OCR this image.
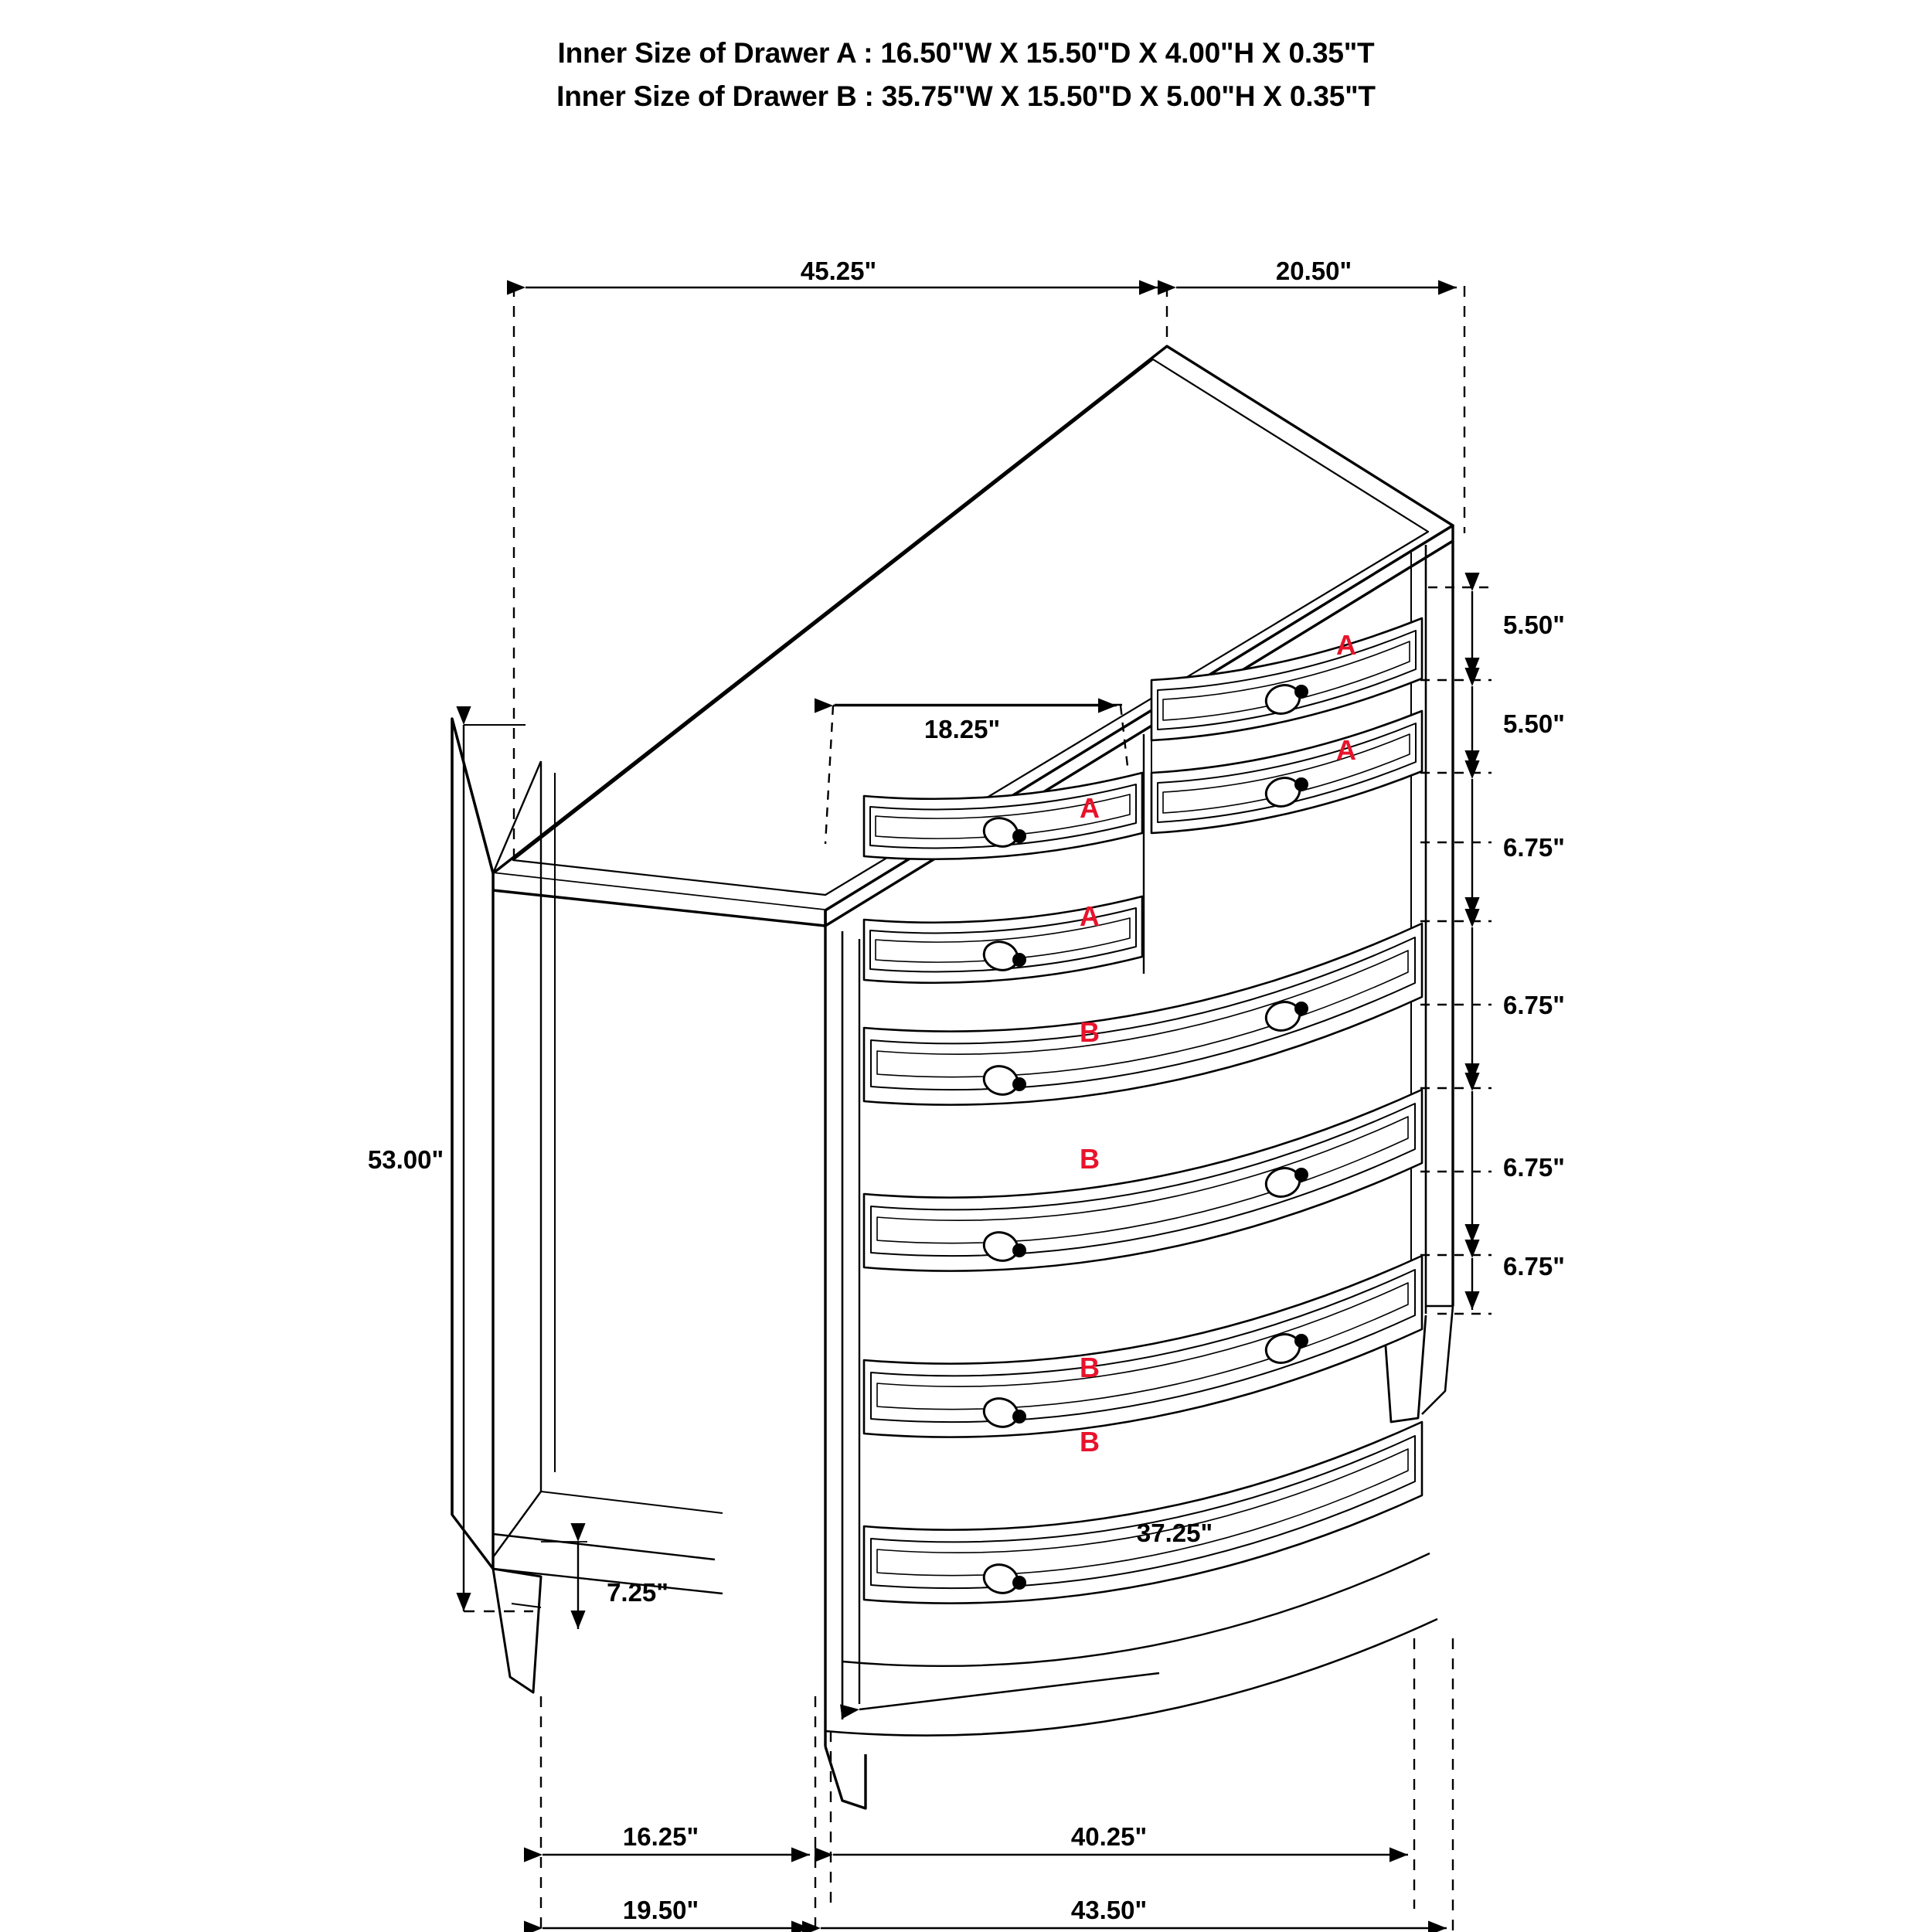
Inner Size of Drawer A : 16.50"W X 15.50"D X 4.00"H X 0.35"T
Inner Size of Drawer B : 35.75"W X 15.50"D X 5.00"H X 0.35"T
45.25"	20.50"
18.25"
53.00"
7.25"
37.25"
16.25"	40.25"
19.50"	43.50"
5.50"
5.50"
6.75"
6.75"
6.75"
6.75"
A
A
A
A
B
B
B
B
